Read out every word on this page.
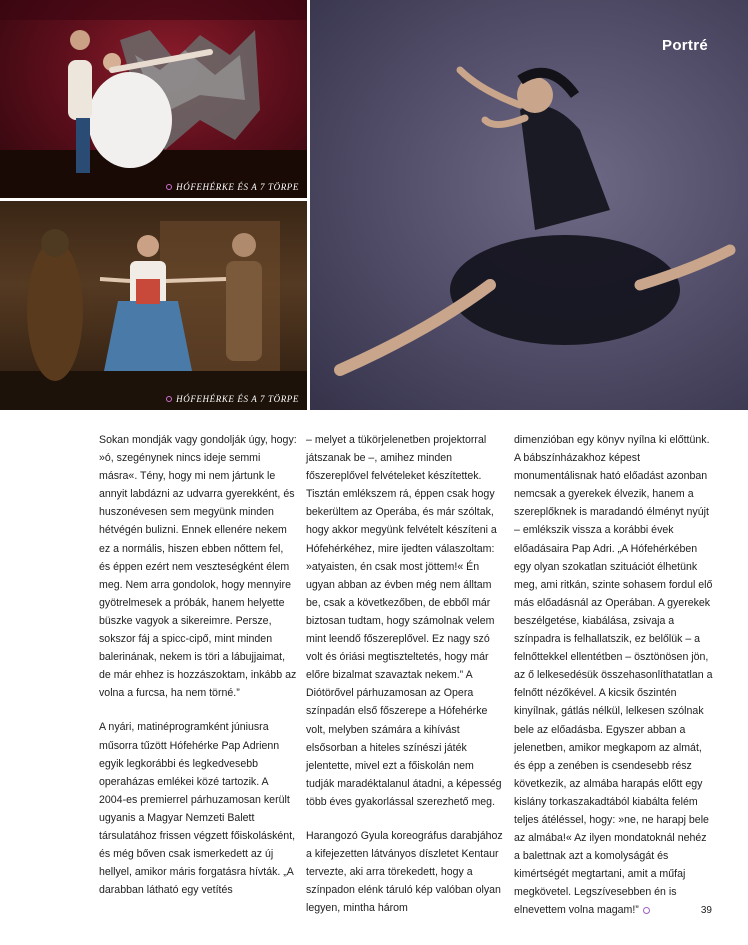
HÓFEHÉRKE ÉS A 7 TÖRPE
HÓFEHÉRKE ÉS A 7 TÖRPE
Portré

Sokan mondják vagy gondolják úgy, hogy: »ó, szegénynek nincs ideje semmi másra«. Tény, hogy mi nem jártunk le annyit labdázni az udvarra gyerekként, és huszonévesen sem megyünk minden hétvégén bulizni. Ennek ellenére nekem ez a normális, hiszen ebben nőttem fel, és éppen ezért nem veszteségként élem meg. Nem arra gondolok, hogy mennyire gyötrelmesek a próbák, hanem helyette büszke vagyok a sikereimre. Persze, sokszor fáj a spicc-cipő, mint minden balerinának, nekem is töri a lábujjaimat, de már ehhez is hozzászoktam, inkább az volna a furcsa, ha nem törné.”

A nyári, matinéprogramként júniusra műsorra tűzött Hófehérke Pap Adrienn egyik legkorábbi és legkedvesebb operaházas emlékei közé tartozik. A 2004-es premierrel párhuzamosan került ugyanis a Magyar Nemzeti Balett társulatához frissen végzett főiskolásként, és még bőven csak ismerkedett az új hellyel, amikor máris forgatásra hívták. „A darabban látható egy vetítés

– melyet a tükörjelenetben projektorral játszanak be –, amihez minden főszereplővel felvételeket készítettek. Tisztán emlékszem rá, éppen csak hogy bekerültem az Operába, és már szóltak, hogy akkor megyünk felvételt készíteni a Hófehérkéhez, mire ijedten válaszoltam: »atyaisten, én csak most jöttem!« Én ugyan abban az évben még nem álltam be, csak a következőben, de ebből már biztosan tudtam, hogy számolnak velem mint leendő főszereplővel. Ez nagy szó volt és óriási megtiszteltetés, hogy már előre bizalmat szavaztak nekem.” A Diótörővel párhuzamosan az Opera színpadán első főszerepe a Hófehérke volt, melyben számára a kihívást elsősorban a hiteles színészi játék jelentette, mivel ezt a főiskolán nem tudják maradéktalanul átadni, a képesség több éves gyakorlással szerezhető meg.

Harangozó Gyula koreográfus darabjához a kifejezetten látványos díszletet Kentaur tervezte, aki arra törekedett, hogy a színpadon elénk táruló kép valóban olyan legyen, mintha három

dimenzióban egy könyv nyílna ki előttünk. A bábszínházakhoz képest monumentálisnak ható előadást azonban nemcsak a gyerekek élvezik, hanem a szereplőknek is maradandó élményt nyújt – emlékszik vissza a korábbi évek előadásaira Pap Adri. „A Hófehérkében egy olyan szokatlan szituációt élhetünk meg, ami ritkán, szinte sohasem fordul elő más előadásnál az Operában. A gyerekek beszélgetése, kiabálása, zsivaja a színpadra is felhallatszik, ez belőlük – a felnőttekkel ellentétben – ösztönösen jön, az ő lelkesedésük összehasonlíthatatlan a felnőtt nézőkével. A kicsik őszintén kinyílnak, gátlás nélkül, lelkesen szólnak bele az előadásba. Egyszer abban a jelenetben, amikor megkapom az almát, és épp a zenében is csendesebb rész következik, az almába harapás előtt egy kislány torkaszakadtából kiabálta felém teljes átéléssel, hogy: »ne, ne harapj bele az almába!« Az ilyen mondatoknál nehéz a balettnak azt a komolyságát és kimértségét megtartani, amit a műfaj megkövetel. Legszívesebben én is elnevettem volna magam!”	39
